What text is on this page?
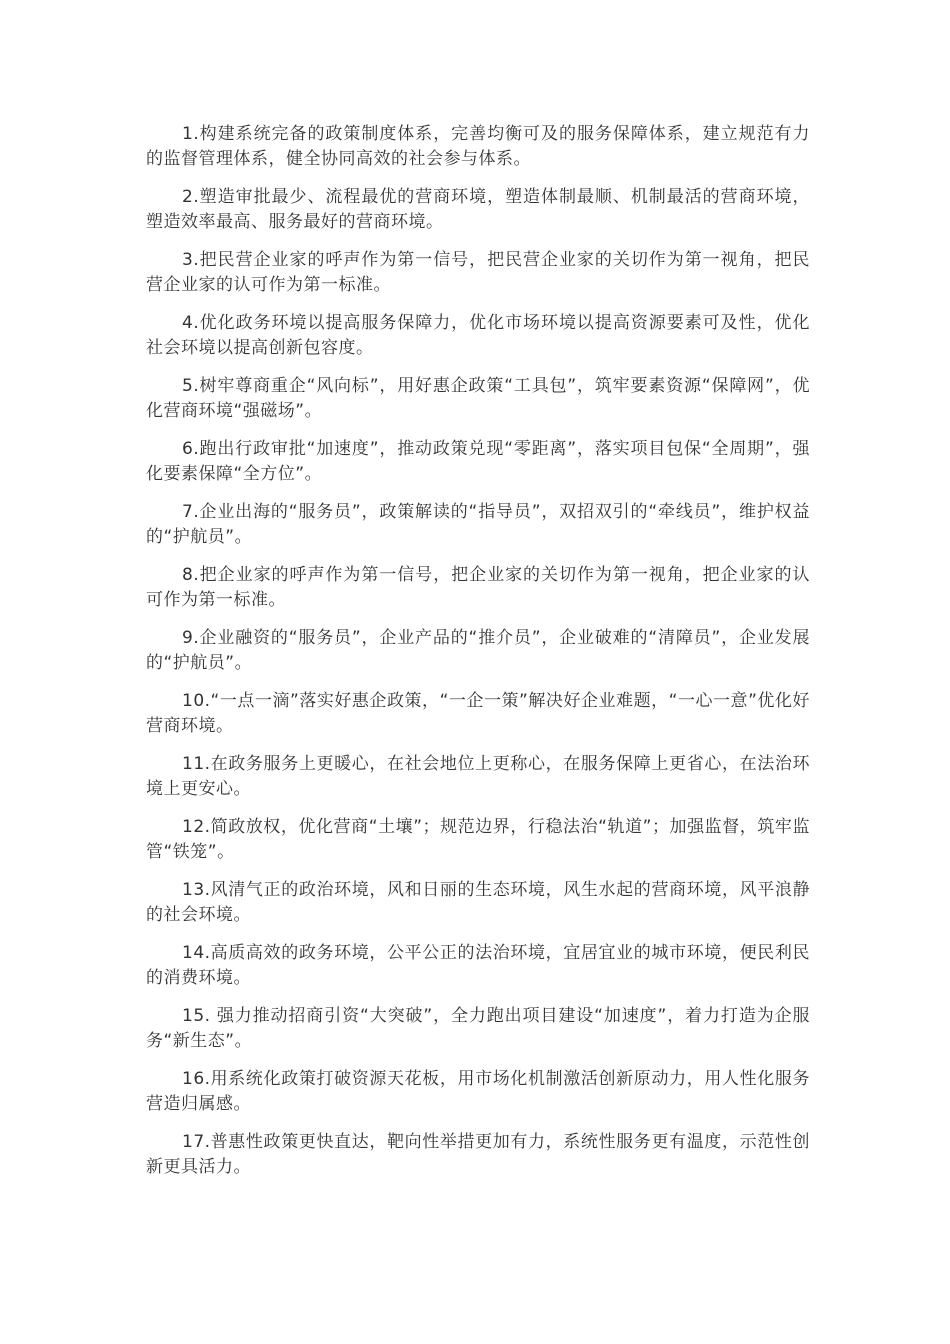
1.构建系统完备的政策制度体系，完善均衡可及的服务保障体系，建立规范有力的监督管理体系，健全协同高效的社会参与体系。

2.塑造审批最少、流程最优的营商环境，塑造体制最顺、机制最活的营商环境，塑造效率最高、服务最好的营商环境。

3.把民营企业家的呼声作为第一信号，把民营企业家的关切作为第一视角，把民营企业家的认可作为第一标准。

4.优化政务环境以提高服务保障力，优化市场环境以提高资源要素可及性，优化社会环境以提高创新包容度。

5.树牢尊商重企“风向标”，用好惠企政策“工具包”，筑牢要素资源“保障网”，优化营商环境“强磁场”。

6.跑出行政审批“加速度”，推动政策兑现“零距离”，落实项目包保“全周期”，强化要素保障“全方位”。

7.企业出海的“服务员”，政策解读的“指导员”，双招双引的“牵线员”，维护权益的“护航员”。

8.把企业家的呼声作为第一信号，把企业家的关切作为第一视角，把企业家的认可作为第一标准。

9.企业融资的“服务员”，企业产品的“推介员”，企业破难的“清障员”，企业发展的“护航员”。

10.“一点一滴”落实好惠企政策，“一企一策”解决好企业难题，“一心一意”优化好营商环境。

11.在政务服务上更暖心，在社会地位上更称心，在服务保障上更省心，在法治环境上更安心。

12.简政放权，优化营商“土壤”；规范边界，行稳法治“轨道”；加强监督，筑牢监管“铁笼”。

13.风清气正的政治环境，风和日丽的生态环境，风生水起的营商环境，风平浪静的社会环境。

14.高质高效的政务环境，公平公正的法治环境，宜居宜业的城市环境，便民利民的消费环境。

15. 强力推动招商引资“大突破”，全力跑出项目建设“加速度”，着力打造为企服务“新生态”。

16.用系统化政策打破资源天花板，用市场化机制激活创新原动力，用人性化服务营造归属感。

17.普惠性政策更快直达，靶向性举措更加有力，系统性服务更有温度，示范性创新更具活力。
